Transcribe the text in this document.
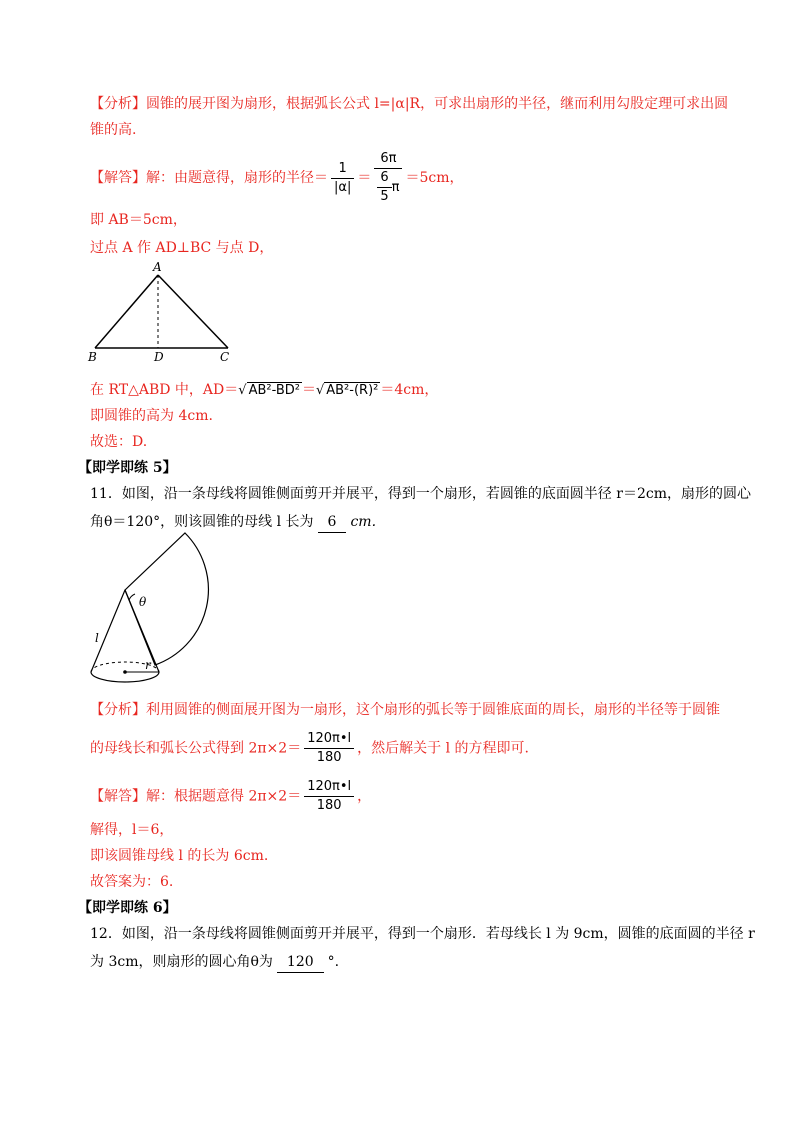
【分析】圆锥的展开图为扇形，根据弧长公式 l=|α|R，可求出扇形的半径，继而利用勾股定理可求出圆
锥的高.
【解答】解：由题意得，扇形的半径＝ $\frac{1}{|\alpha|} = \frac{6\pi}{\frac{6}{5} \pi} =5cm$，
即 AB＝5cm，
过点 A 作 AD⊥BC 与点 D，
A
B	D	C
在 RT△ABD 中，AD＝√ AB²-BD² ＝√ AB²-(R)² ＝4cm，
即圆锥的高为 4cm.
故选：D.
【即学即练 5】
11．如图，沿一条母线将圆锥侧面剪开并展平，得到一个扇形，若圆锥的底面圆半径 r＝2cm，扇形的圆心
角θ＝120°，则该圆锥的母线 l 长为 6 cm.
θ
l
r
【分析】利用圆锥的侧面展开图为一扇形，这个扇形的弧长等于圆锥底面的周长，扇形的半径等于圆锥
的母线长和弧长公式得到 $2\pi\times 2= \frac{120\pi•l}{180}$ ，然后解关于 l 的方程即可.
【解答】解：根据题意得 $2\pi\times 2= \frac{120\pi•l}{180}$ ，
解得，l＝6，
即该圆锥母线 l 的长为 6cm.
故答案为：6.
【即学即练 6】
12．如图，沿一条母线将圆锥侧面剪开并展平，得到一个扇形．若母线长 l 为 9cm，圆锥的底面圆的半径 r
为 3cm，则扇形的圆心角θ为 120 °.
